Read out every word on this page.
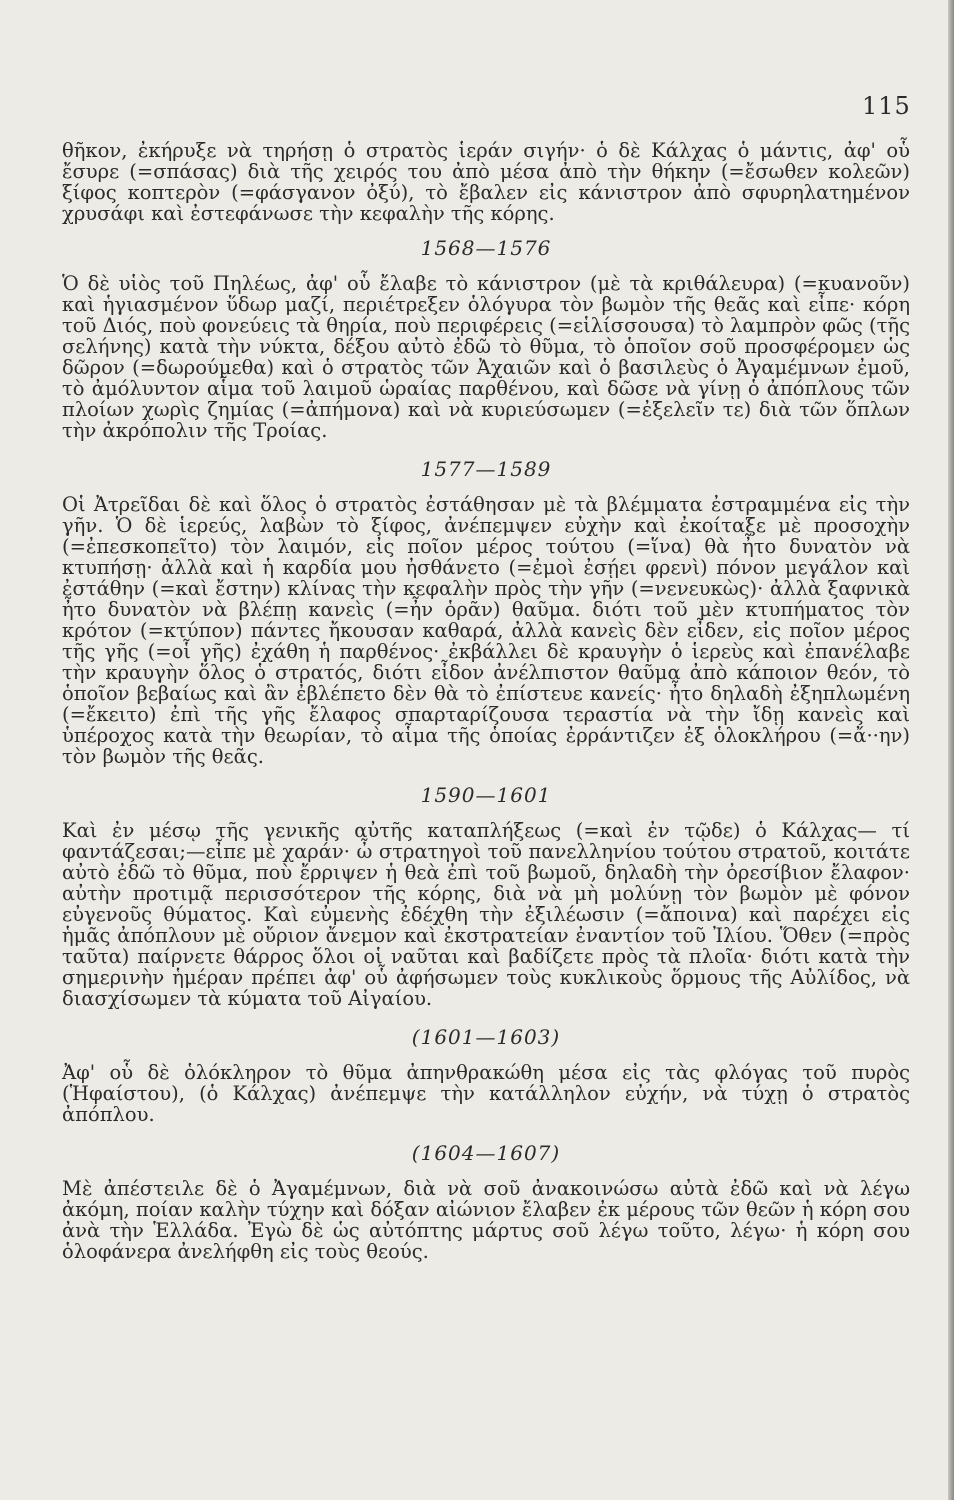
115

θῆκον, ἐκήρυξε νὰ τηρήσῃ ὁ στρατὸς ἱεράν σιγήν· ὁ δὲ Κάλχας ὁ μάντις, ἀφ' οὗ ἔσυρε (=σπάσας) διὰ τῆς χειρός του ἀπὸ μέσα ἀπὸ τὴν θήκην (=ἔσωθεν κολεῶν) ξίφος κοπτερὸν (=φάσγανον ὀξύ), τὸ ἔβαλεν εἰς κάνιστρον ἀπὸ σφυρηλατημένον χρυσάφι καὶ ἐστεφάνωσε τὴν κεφαλὴν τῆς κόρης.

1568—1576

Ὁ δὲ υἱὸς τοῦ Πηλέως, ἀφ' οὗ ἔλαβε τὸ κάνιστρον (μὲ τὰ κριθάλευρα) (=κυανοῦν) καὶ ἡγιασμένον ὕδωρ μαζί, περιέτρεξεν ὁλόγυρα τὸν βωμὸν τῆς θεᾶς καὶ εἶπε· κόρη τοῦ Διός, ποὺ φονεύεις τὰ θηρία, ποὺ περιφέρεις (=εἱλίσσουσα) τὸ λαμπρὸν φῶς (τῆς σελήνης) κατὰ τὴν νύκτα, δέξου αὐτὸ ἐδῶ τὸ θῦμα, τὸ ὁποῖον σοῦ προσφέρομεν ὡς δῶρον (=δωρούμεθα) καὶ ὁ στρατὸς τῶν Ἀχαιῶν καὶ ὁ βασιλεὺς ὁ Ἀγαμέμνων ἐμοῦ, τὸ ἀμόλυντον αἷμα τοῦ λαιμοῦ ὡραίας παρθένου, καὶ δῶσε νὰ γίνῃ ὁ ἀπόπλους τῶν πλοίων χωρὶς ζημίας (=ἀπήμονα) καὶ νὰ κυριεύσωμεν (=ἐξελεῖν τε) διὰ τῶν ὅπλων τὴν ἀκρόπολιν τῆς Τροίας.

1577—1589

Οἱ Ἀτρεῖδαι δὲ καὶ ὅλος ὁ στρατὸς ἐστάθησαν μὲ τὰ βλέμματα ἐστραμμένα εἰς τὴν γῆν. Ὁ δὲ ἱερεύς, λαβὼν τὸ ξίφος, ἀνέπεμψεν εὐχὴν καὶ ἐκοίταξε μὲ προσοχὴν (=ἐπεσκοπεῖτο) τὸν λαιμόν, εἰς ποῖον μέρος τούτου (=ἵνα) θὰ ἦτο δυνατὸν νὰ κτυπήσῃ· ἀλλὰ καὶ ἡ καρδία μου ἠσθάνετο (=ἐμοὶ ἐσῄει φρενὶ) πόνον μεγάλον καὶ ἐστάθην (=καὶ ἔστην) κλίνας τὴν κεφαλὴν πρὸς τὴν γῆν (=νενευκὼς)· ἀλλὰ ξαφνικὰ ἦτο δυνατὸν νὰ βλέπῃ κανεὶς (=ἦν ὁρᾶν) θαῦμα. διότι τοῦ μὲν κτυπήματος τὸν κρότον (=κτύπον) πάντες ἤκουσαν καθαρά, ἀλλὰ κανεὶς δὲν εἶδεν, εἰς ποῖον μέρος τῆς γῆς (=οἷ γῆς) ἐχάθη ἡ παρθένος· ἐκβάλλει δὲ κραυγὴν ὁ ἱερεὺς καὶ ἐπανέλαβε τὴν κραυγὴν ὅλος ὁ στρατός, διότι εἶδον ἀνέλπιστον θαῦμα ἀπὸ κάποιον θεόν, τὸ ὁποῖον βεβαίως καὶ ἂν ἐβλέπετο δὲν θὰ τὸ ἐπίστευε κανείς· ἦτο δηλαδὴ ἐξηπλωμένη (=ἔκειτο) ἐπὶ τῆς γῆς ἔλαφος σπαρταρίζουσα τεραστία νὰ τὴν ἴδῃ κανεὶς καὶ ὑπέροχος κατὰ τὴν θεωρίαν, τὸ αἷμα τῆς ὁποίας ἐρράντιζεν ἐξ ὁλοκλήρου (=ἄ··ην) τὸν βωμὸν τῆς θεᾶς.

1590—1601

Καὶ ἐν μέσῳ τῆς γενικῆς αὐτῆς καταπλήξεως (=καὶ ἐν τῷδε) ὁ Κάλχας— τί φαντάζεσαι;—εἶπε μὲ χαράν· ὦ στρατηγοὶ τοῦ πανελληνίου τούτου στρατοῦ, κοιτάτε αὐτὸ ἐδῶ τὸ θῦμα, ποὺ ἔρριψεν ἡ θεὰ ἐπὶ τοῦ βωμοῦ, δηλαδὴ τὴν ὀρεσίβιον ἔλαφον· αὐτὴν προτιμᾷ περισσότερον τῆς κόρης, διὰ νὰ μὴ μολύνῃ τὸν βωμὸν μὲ φόνον εὐγενοῦς θύματος. Καὶ εὐμενὴς ἐδέχθη τὴν ἐξιλέωσιν (=ἄποινα) καὶ παρέχει εἰς ἡμᾶς ἀπόπλουν μὲ οὔριον ἄνεμον καὶ ἐκστρατείαν ἐναντίον τοῦ Ἰλίου. Ὅθεν (=πρὸς ταῦτα) παίρνετε θάρρος ὅλοι οἱ ναῦται καὶ βαδίζετε πρὸς τὰ πλοῖα· διότι κατὰ τὴν σημερινὴν ἡμέραν πρέπει ἀφ' οὗ ἀφήσωμεν τοὺς κυκλικοὺς ὅρμους τῆς Αὐλίδος, νὰ διασχίσωμεν τὰ κύματα τοῦ Αἰγαίου.

(1601—1603)

Ἀφ' οὗ δὲ ὁλόκληρον τὸ θῦμα ἀπηνθρακώθη μέσα εἰς τὰς φλόγας τοῦ πυρὸς (Ἡφαίστου), (ὁ Κάλχας) ἀνέπεμψε τὴν κατάλληλον εὐχήν, νὰ τύχῃ ὁ στρατὸς ἀπόπλου.

(1604—1607)

Μὲ ἀπέστειλε δὲ ὁ Ἀγαμέμνων, διὰ νὰ σοῦ ἀνακοινώσω αὐτὰ ἐδῶ καὶ νὰ λέγω ἀκόμη, ποίαν καλὴν τύχην καὶ δόξαν αἰώνιον ἔλαβεν ἐκ μέρους τῶν θεῶν ἡ κόρη σου ἀνὰ τὴν Ἑλλάδα. Ἐγὼ δὲ ὡς αὐτόπτης μάρτυς σοῦ λέγω τοῦτο, λέγω· ἡ κόρη σου ὁλοφάνερα ἀνελήφθη εἰς τοὺς θεούς.
